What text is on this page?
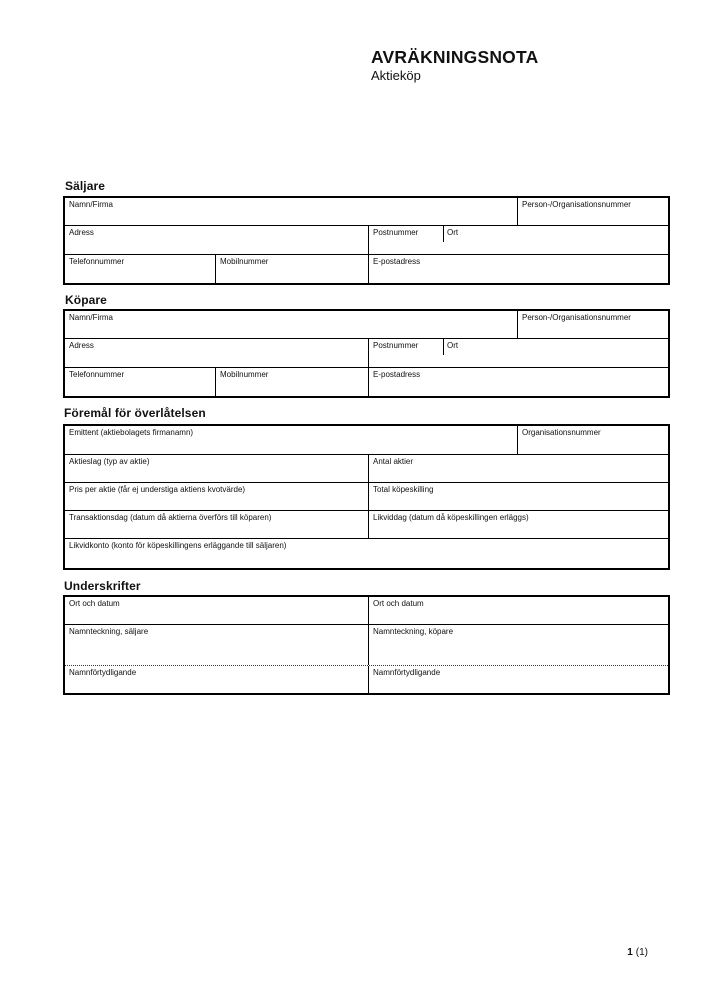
AVRÄKNINGSNOTA
Aktieköp
Säljare
Namn/Firma	Person-/Organisationsnummer
Adress	Postnummer	Ort
Telefonnummer	Mobilnummer	E-postadress
Köpare
Namn/Firma	Person-/Organisationsnummer
Adress	Postnummer	Ort
Telefonnummer	Mobilnummer	E-postadress
Föremål för överlåtelsen
Emittent (aktiebolagets firmanamn)	Organisationsnummer
Aktieslag (typ av aktie)	Antal aktier
Pris per aktie (får ej understiga aktiens kvotvärde)	Total köpeskilling
Transaktionsdag (datum då aktierna överförs till köparen)	Likviddag (datum då köpeskillingen erläggs)
Likvidkonto (konto för köpeskillingens erläggande till säljaren)
Underskrifter
Ort och datum	Ort och datum
Namnteckning, säljare	Namnteckning, köpare
Namnförtydligande	Namnförtydligande
1 (1)
